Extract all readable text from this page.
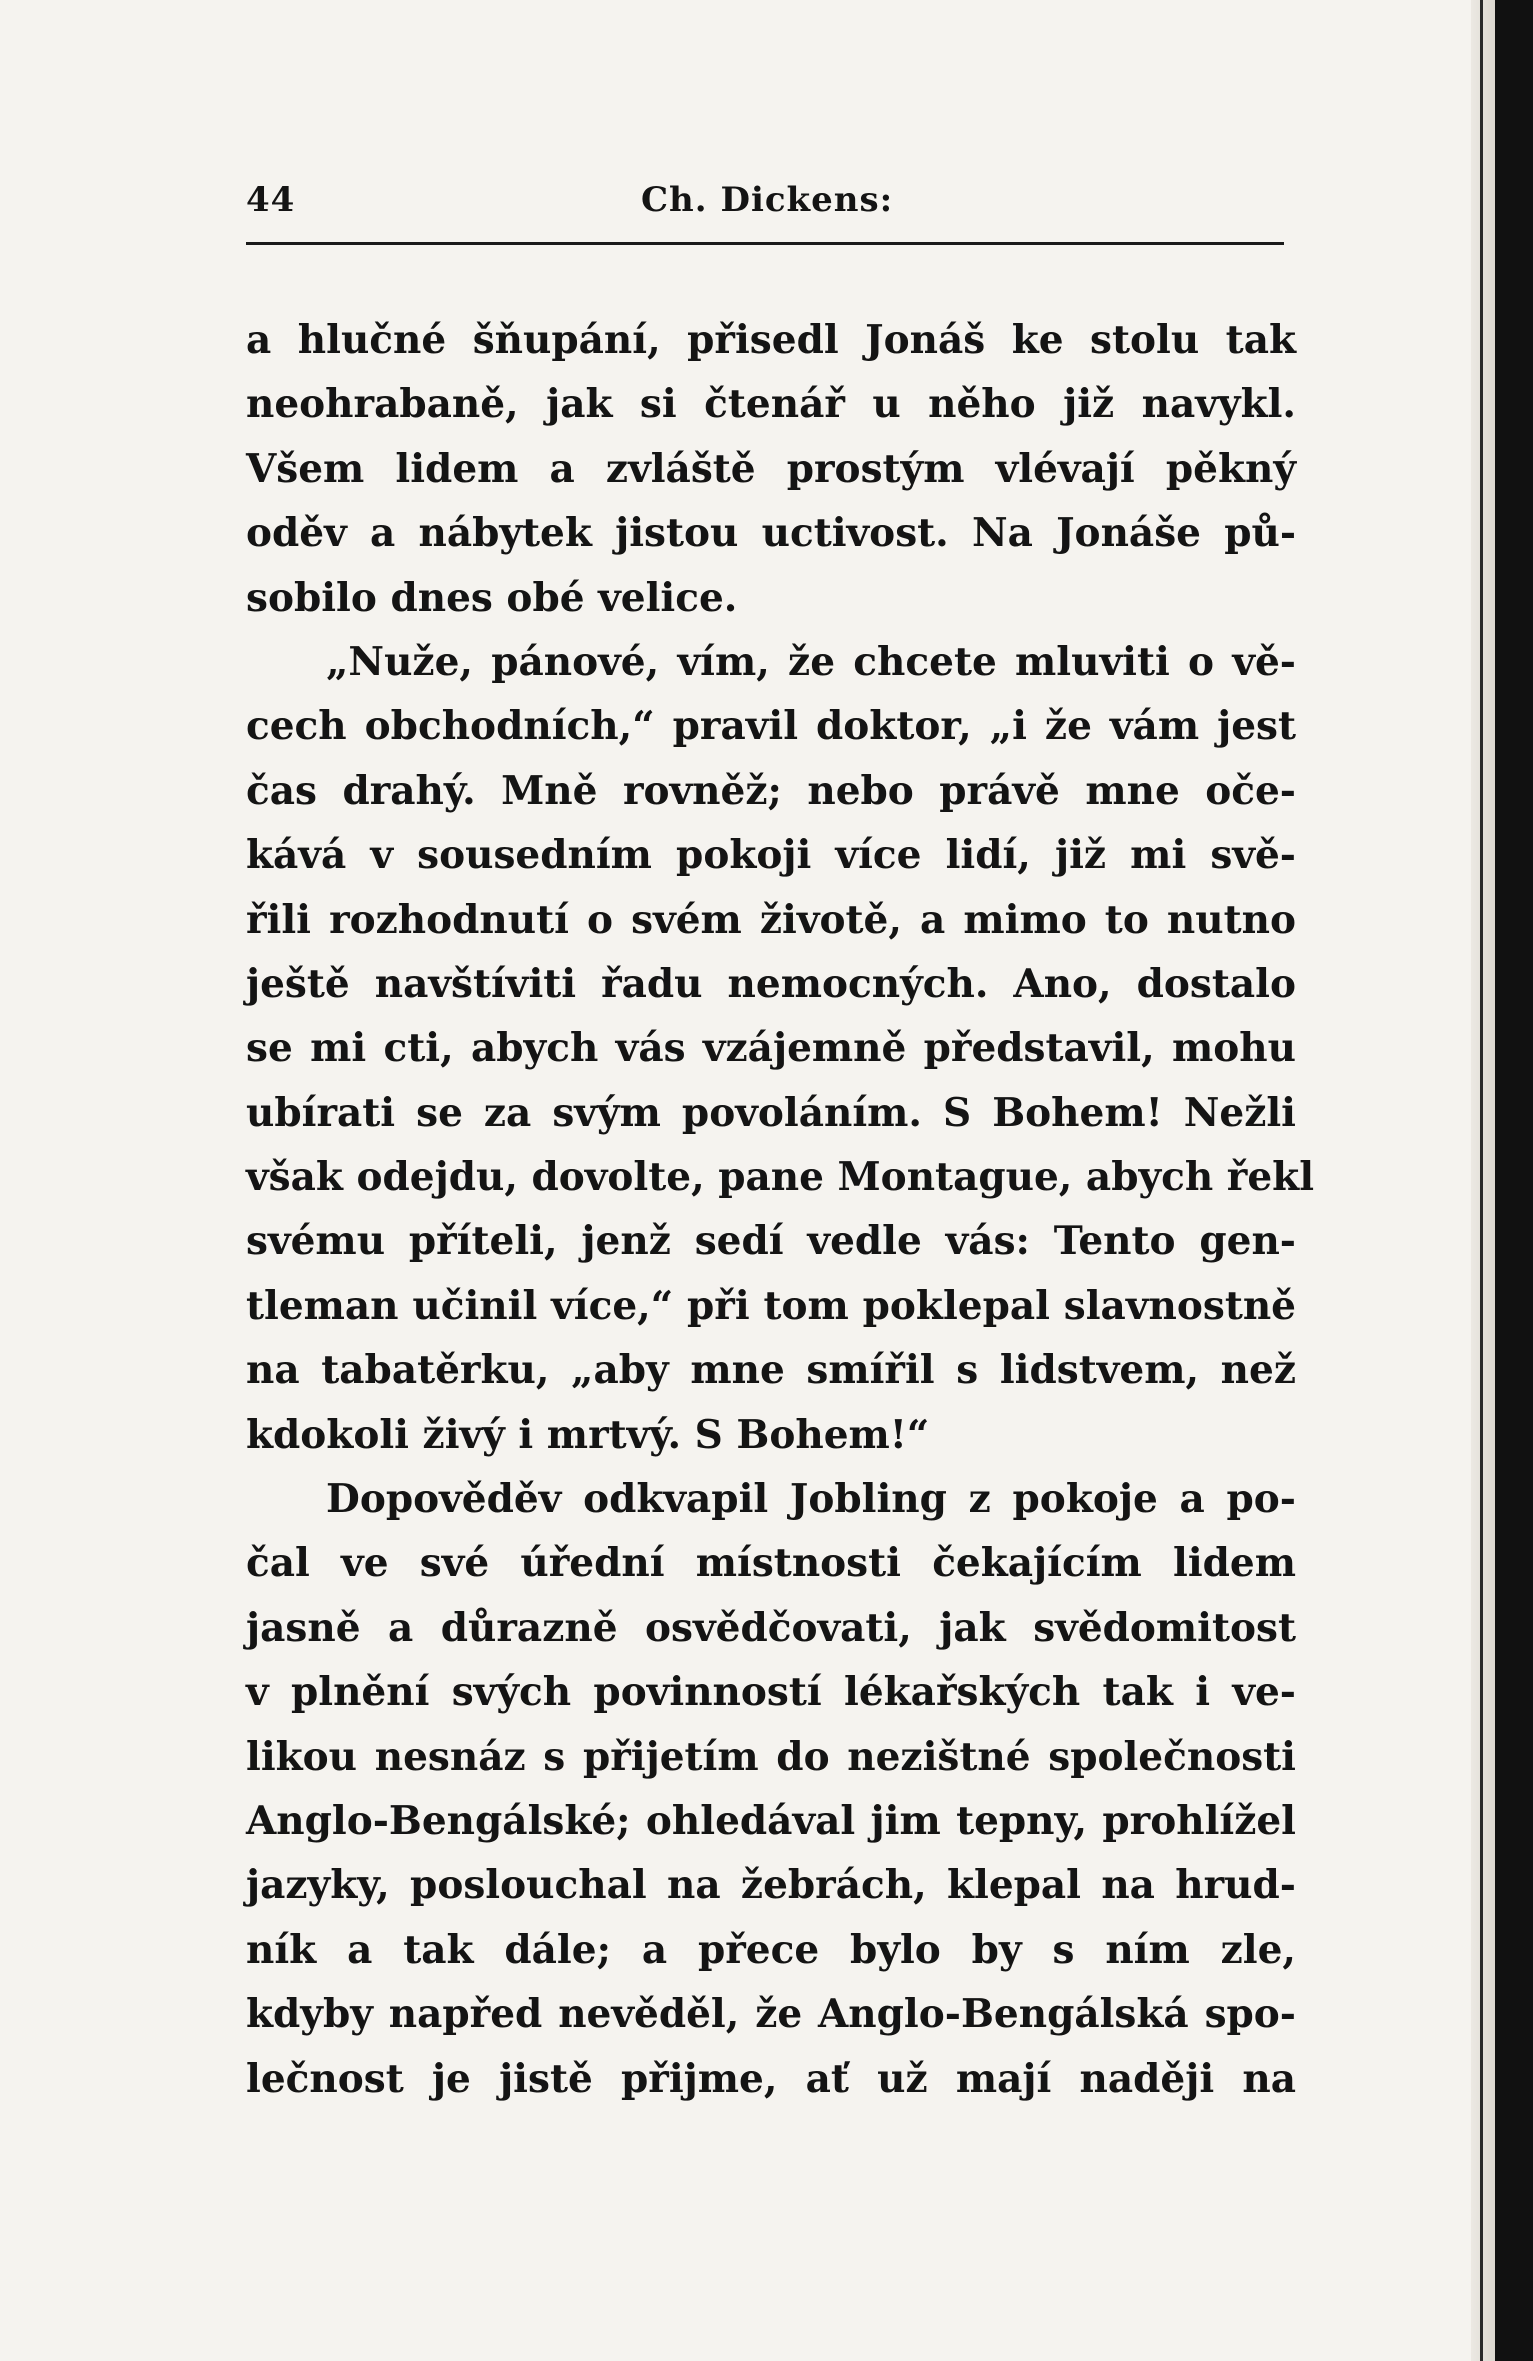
44	Ch. Dickens:
a hlučné šňupání, přisedl Jonáš ke stolu tak
neohrabaně, jak si čtenář u něho již navykl.
Všem lidem a zvláště prostým vlévají pěkný
oděv a nábytek jistou uctivost. Na Jonáše pů-
sobilo dnes obé velice.
„Nuže, pánové, vím, že chcete mluviti o vě-
cech obchodních,“ pravil doktor, „i že vám jest
čas drahý. Mně rovněž; nebo právě mne oče-
kává v sousedním pokoji více lidí, již mi svě-
řili rozhodnutí o svém životě, a mimo to nutno
ještě navštíviti řadu nemocných. Ano, dostalo
se mi cti, abych vás vzájemně představil, mohu
ubírati se za svým povoláním. S Bohem! Nežli
však odejdu, dovolte, pane Montague, abych řekl
svému příteli, jenž sedí vedle vás: Tento gen-
tleman učinil více,“ při tom poklepal slavnostně
na tabatěrku, „aby mne smířil s lidstvem, než
kdokoli živý i mrtvý. S Bohem!“
Dopověděv odkvapil Jobling z pokoje a po-
čal ve své úřední místnosti čekajícím lidem
jasně a důrazně osvědčovati, jak svědomitost
v plnění svých povinností lékařských tak i ve-
likou nesnáz s přijetím do nezištné společnosti
Anglo-Bengálské; ohledával jim tepny, prohlížel
jazyky, poslouchal na žebrách, klepal na hrud-
ník a tak dále; a přece bylo by s ním zle,
kdyby napřed nevěděl, že Anglo-Bengálská spo-
lečnost je jistě přijme, ať už mají naději na
